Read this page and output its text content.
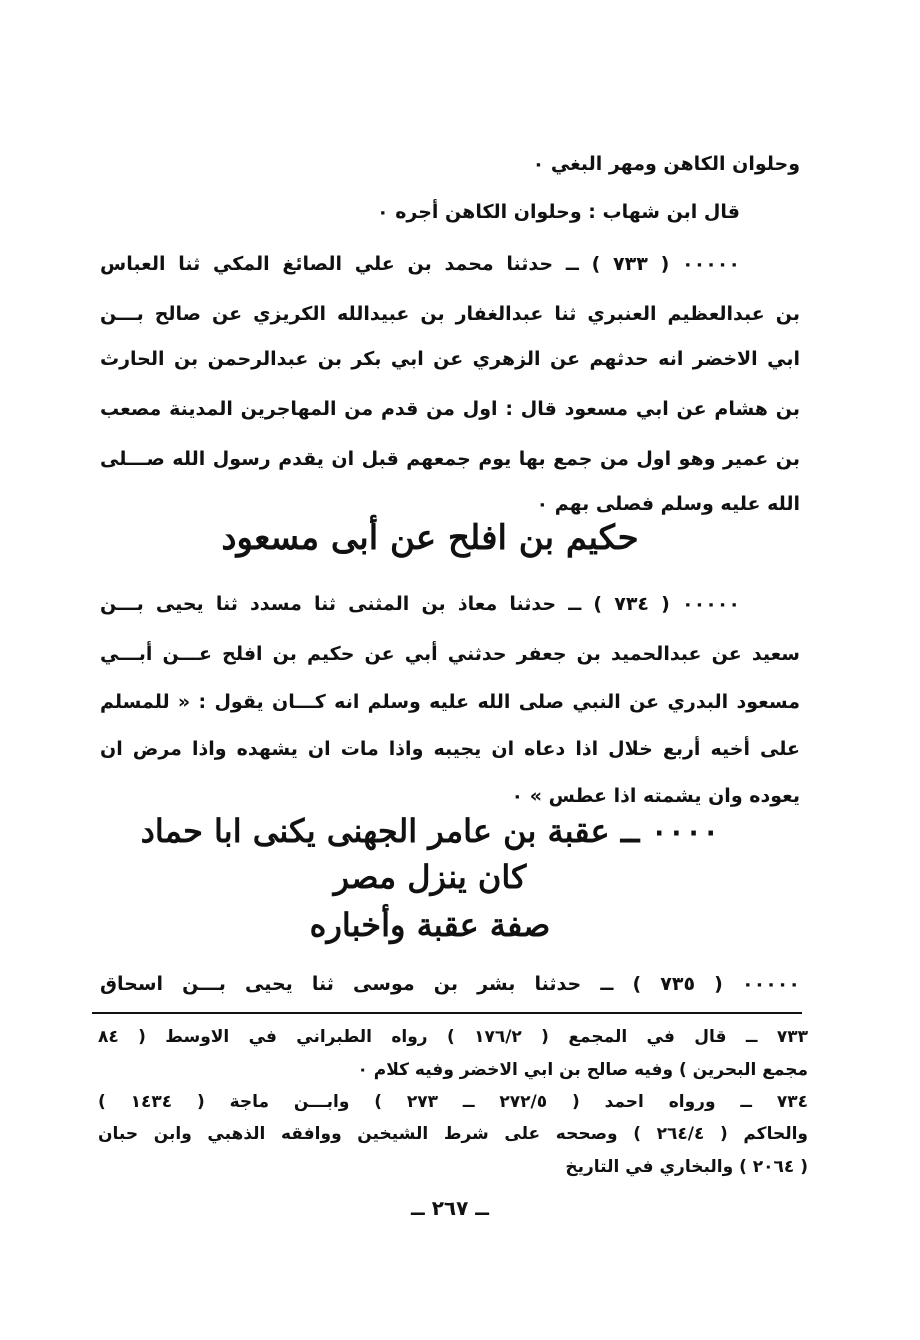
وحلوان الكاهن ومهر البغي ٠
قال ابن شهاب : وحلوان الكاهن أجره ٠
٠٠٠٠٠ ( ٧٣٣ ) ــ حدثنا محمد بن علي الصائغ المكي ثنا العباس
بن عبدالعظيم العنبري ثنا عبدالغفار بن عبيدالله الكريزي عن صالح بـــن
ابي الاخضر انه حدثهم عن الزهري عن ابي بكر بن عبدالرحمن بن الحارث
بن هشام عن ابي مسعود قال : اول من قدم من المهاجرين المدينة مصعب
بن عمير وهو اول من جمع بها يوم جمعهم قبل ان يقدم رسول الله صـــلى
الله عليه وسلم فصلى بهم ٠
حكيم بن افلح عن أبى مسعود
٠٠٠٠٠ ( ٧٣٤ ) ــ حدثنا معاذ بن المثنى ثنا مسدد ثنا يحيى بـــن
سعيد عن عبدالحميد بن جعفر حدثني أبي عن حكيم بن افلح عـــن أبـــي
مسعود البدري عن النبي صلى الله عليه وسلم انه كـــان يقول : « للمسلم
على أخيه أربع خلال اذا دعاه ان يجيبه واذا مات ان يشهده واذا مرض ان
يعوده وان يشمته اذا عطس » ٠
٠٠٠٠ ــ عقبة بن عامر الجهنى يكنى ابا حماد
كان ينزل مصر
صفة عقبة وأخباره
٠٠٠٠٠ ( ٧٣٥ ) ــ حدثنا بشر بن موسى ثنا يحيى بـــن اسحاق
٧٣٣ ــ قال في المجمع ( ١٧٦/٢ ) رواه الطبراني في الاوسط ( ٨٤
مجمع البحرين ) وفيه صالح بن ابي الاخضر وفيه كلام ٠
٧٣٤ ــ ورواه احمد ( ٢٧٢/٥ ــ ٢٧٣ ) وابـــن ماجة ( ١٤٣٤ )
والحاكم ( ٢٦٤/٤ ) وصححه على شرط الشيخين ووافقه الذهبي وابن حبان
( ٢٠٦٤ ) والبخاري في التاريخ
ــ ٢٦٧ ــ
